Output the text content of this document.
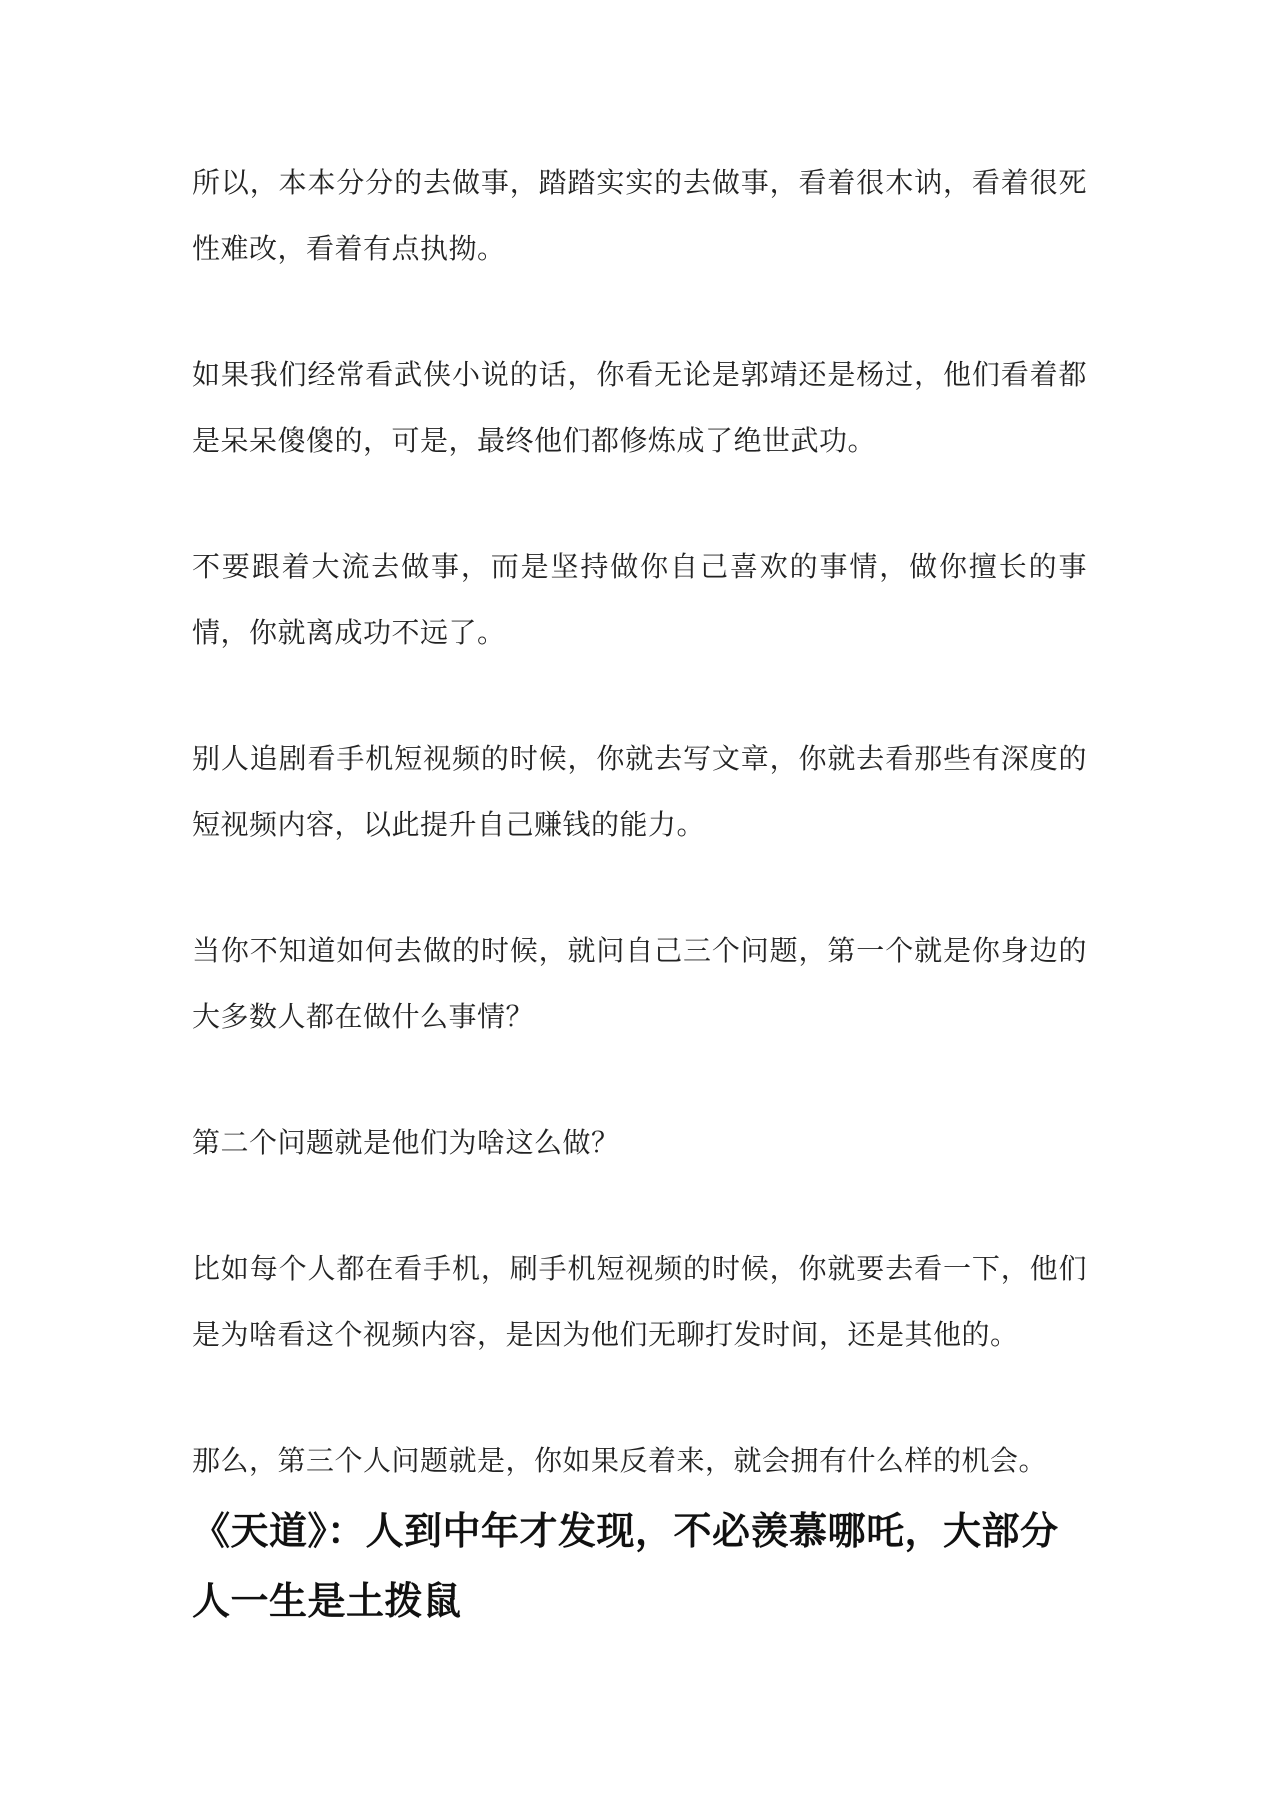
所以，本本分分的去做事，踏踏实实的去做事，看着很木讷，看着很死性难改，看着有点执拗。

如果我们经常看武侠小说的话，你看无论是郭靖还是杨过，他们看着都是呆呆傻傻的，可是，最终他们都修炼成了绝世武功。

不要跟着大流去做事，而是坚持做你自己喜欢的事情，做你擅长的事情，你就离成功不远了。

别人追剧看手机短视频的时候，你就去写文章，你就去看那些有深度的短视频内容，以此提升自己赚钱的能力。

当你不知道如何去做的时候，就问自己三个问题，第一个就是你身边的大多数人都在做什么事情？

第二个问题就是他们为啥这么做？

比如每个人都在看手机，刷手机短视频的时候，你就要去看一下，他们是为啥看这个视频内容，是因为他们无聊打发时间，还是其他的。

那么，第三个人问题就是，你如果反着来，就会拥有什么样的机会。

《天道》：人到中年才发现，不必羡慕哪吒，大部分人一生是土拨鼠
